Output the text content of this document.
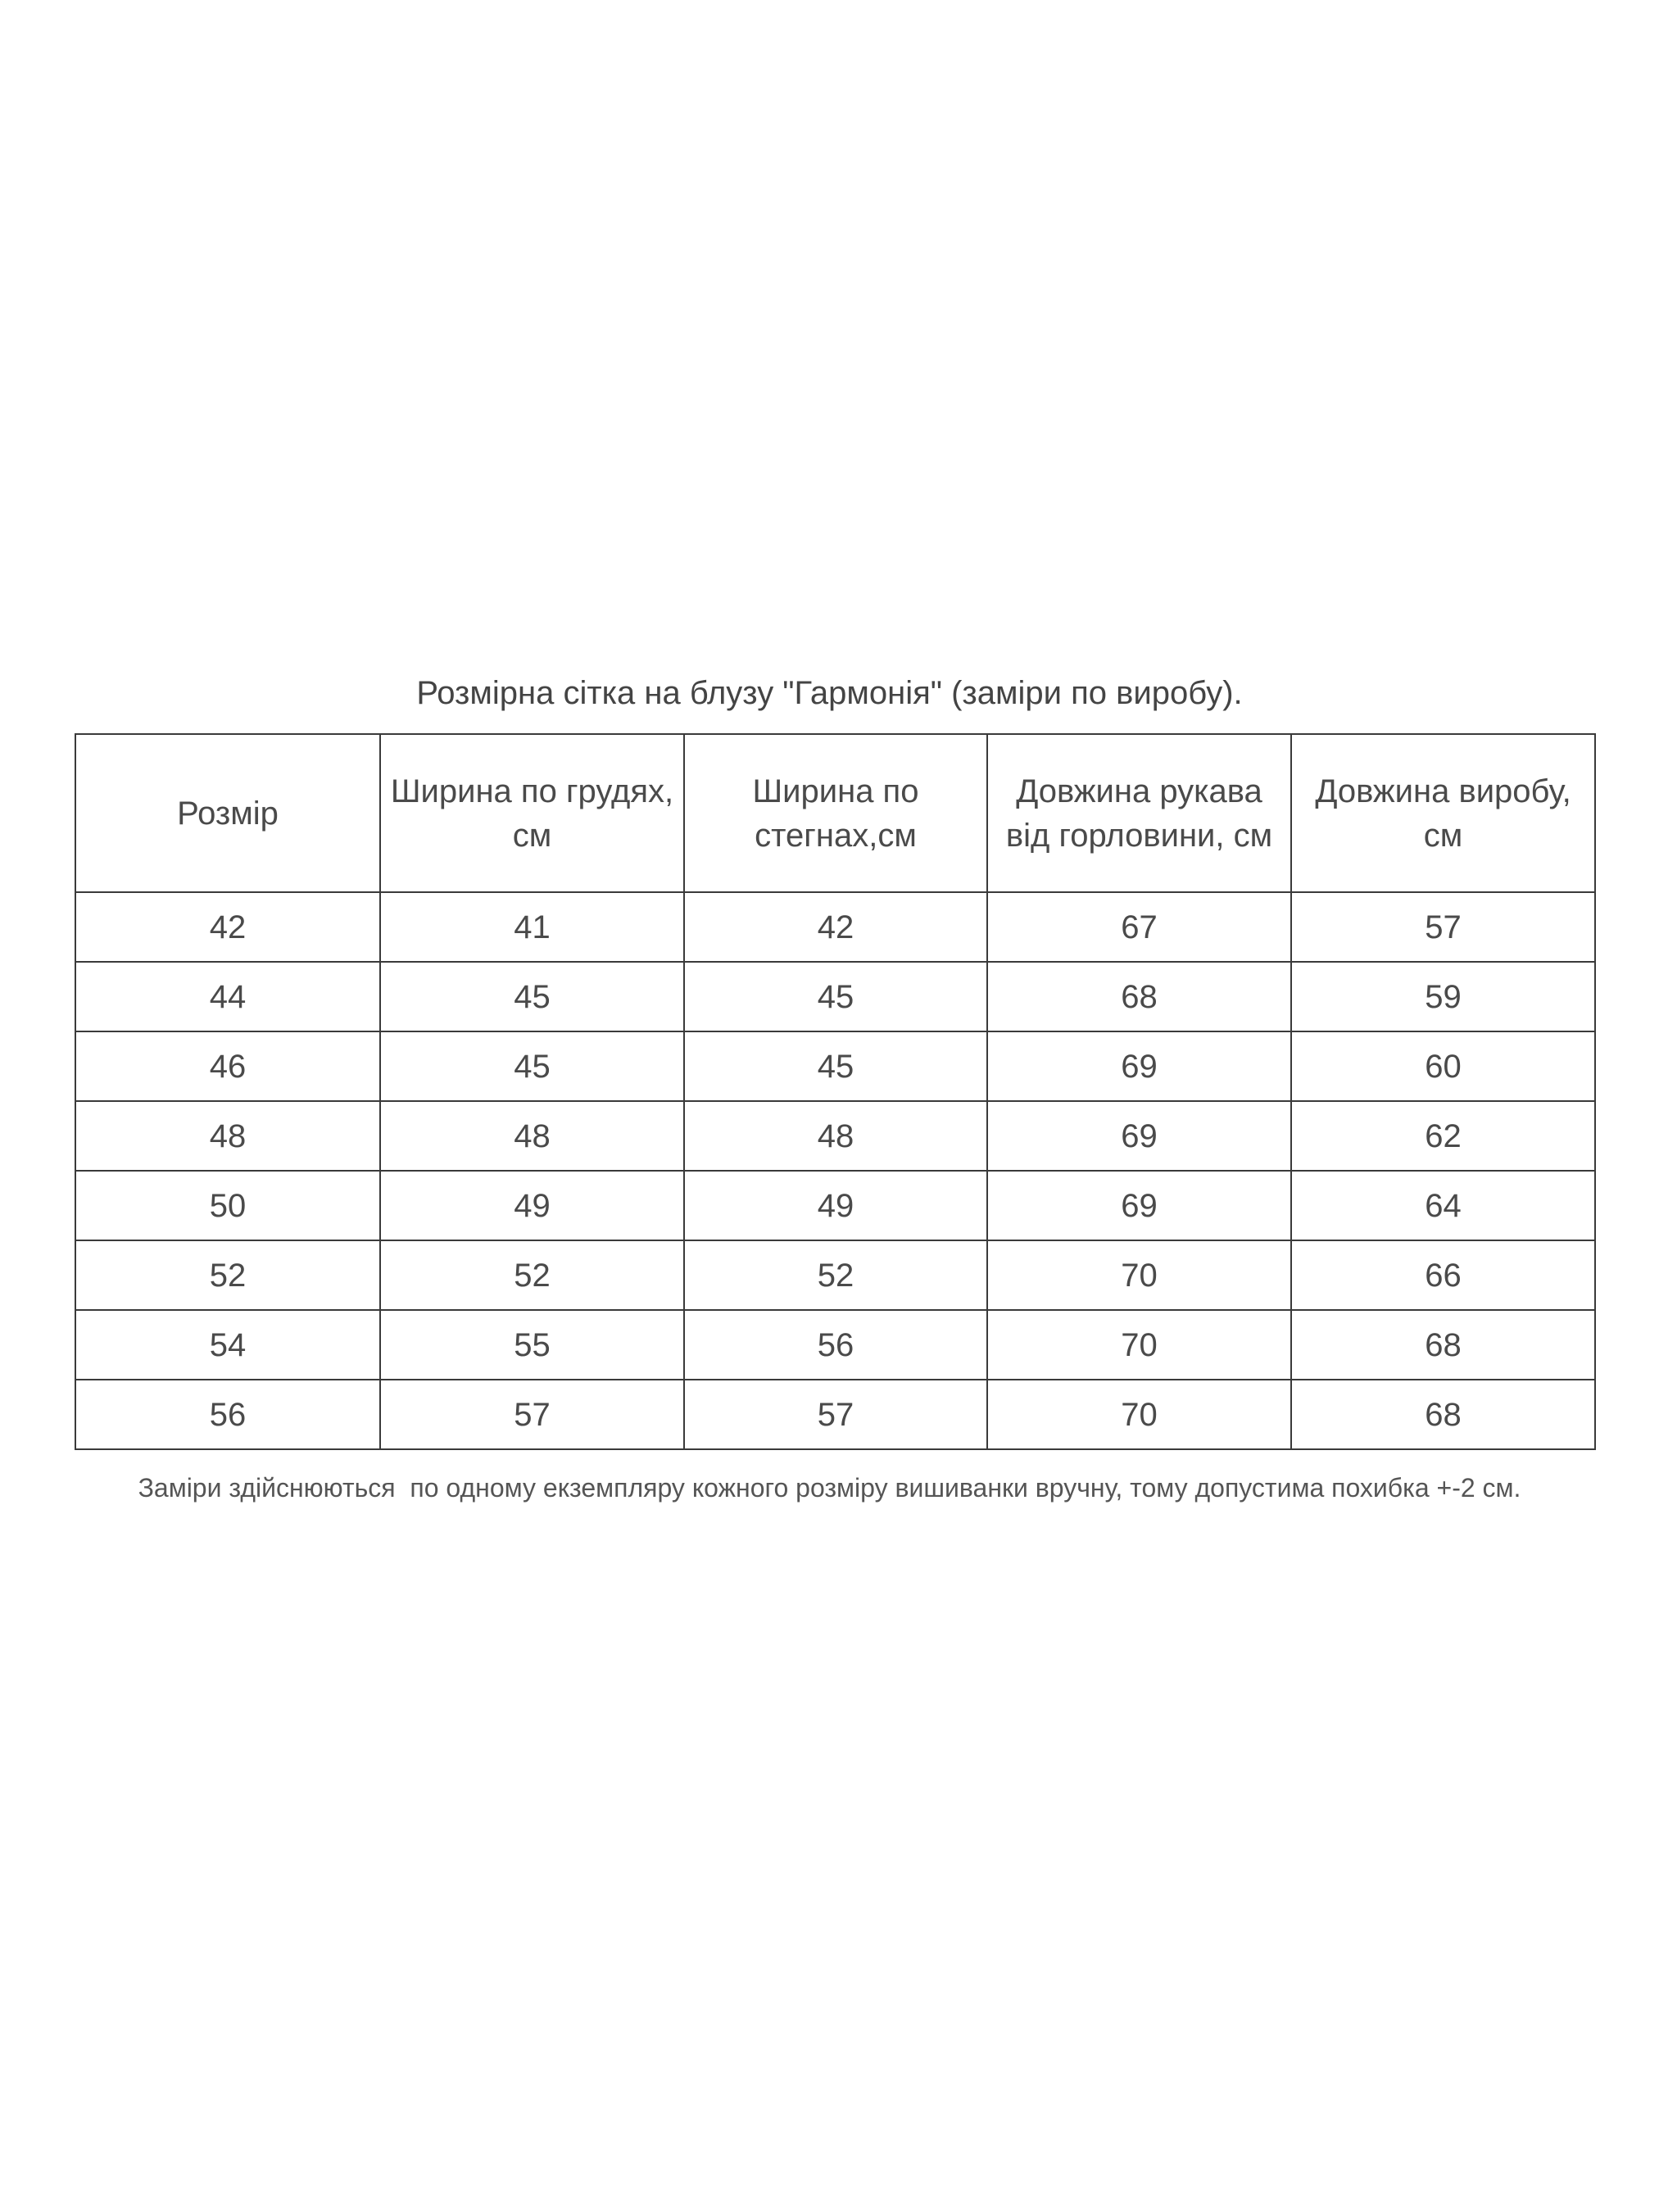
Розмірна сітка на блузу "Гармонія" (заміри по виробу).
Розмір	Ширина по грудях, см	Ширина по стегнах,см	Довжина рукава від горловини, см	Довжина виробу, см
42	41	42	67	57
44	45	45	68	59
46	45	45	69	60
48	48	48	69	62
50	49	49	69	64
52	52	52	70	66
54	55	56	70	68
56	57	57	70	68
Заміри здійснюються  по одному екземпляру кожного розміру вишиванки вручну, тому допустима похибка +-2 см.
